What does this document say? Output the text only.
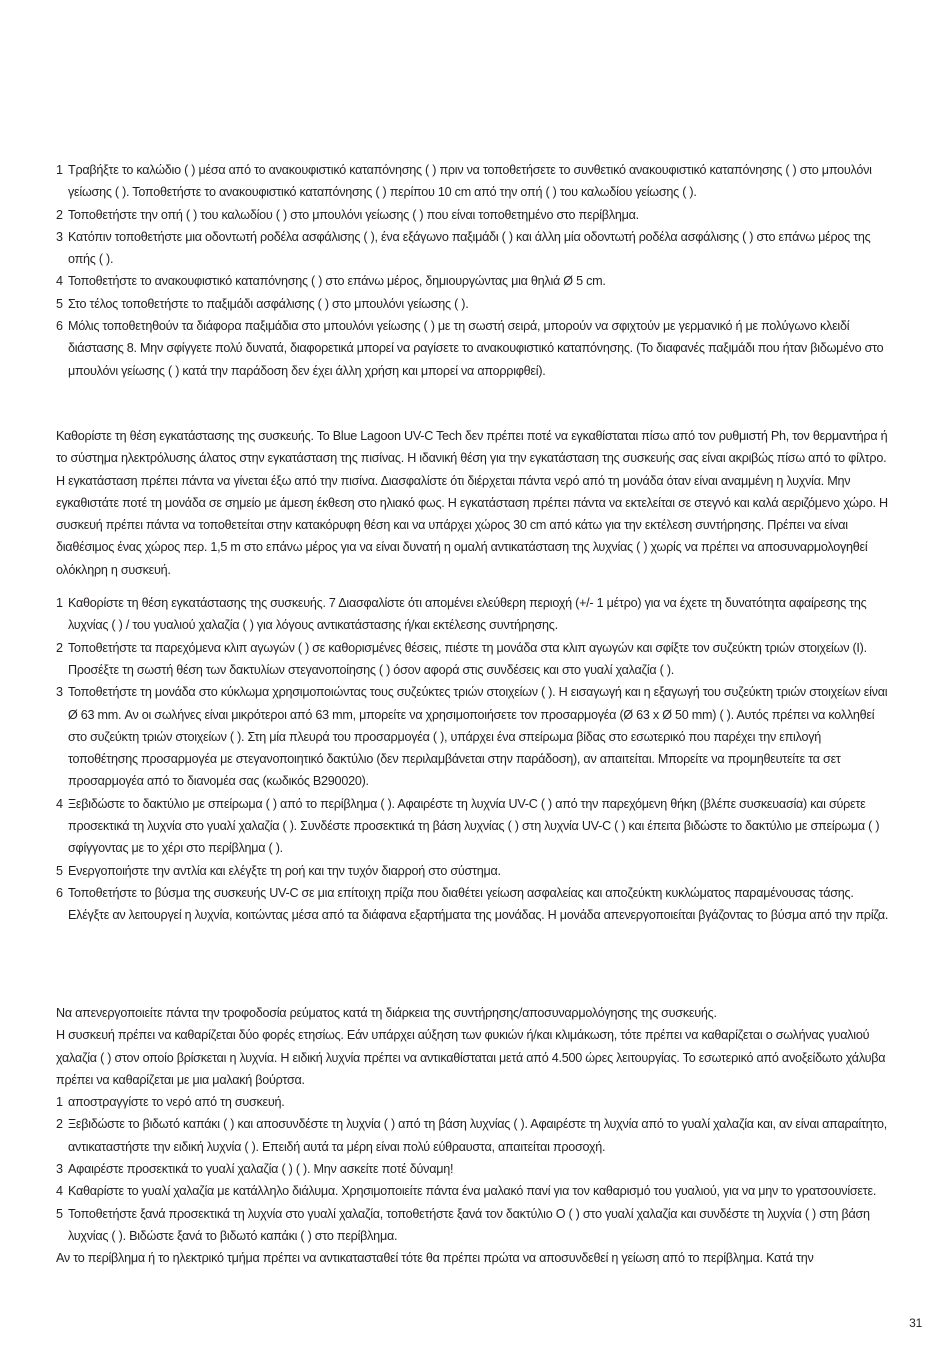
1 Τραβήξτε το καλώδιο ( ) μέσα από το ανακουφιστικό καταπόνησης ( ) πριν να τοποθετήσετε το συνθετικό ανακουφιστικό καταπόνησης ( ) στο μπουλόνι γείωσης ( ). Τοποθετήστε το ανακουφιστικό καταπόνησης ( ) περίπου 10 cm από την οπή ( ) του καλωδίου γείωσης ( ).
2 Τοποθετήστε την οπή ( ) του καλωδίου ( ) στο μπουλόνι γείωσης ( ) που είναι τοποθετημένο στο περίβλημα.
3 Κατόπιν τοποθετήστε μια οδοντωτή ροδέλα ασφάλισης ( ), ένα εξάγωνο παξιμάδι ( ) και άλλη μία οδοντωτή ροδέλα ασφάλισης ( ) στο επάνω μέρος της οπής ( ).
4 Τοποθετήστε το ανακουφιστικό καταπόνησης ( ) στο επάνω μέρος, δημιουργώντας μια θηλιά Ø 5 cm.
5 Στο τέλος τοποθετήστε το παξιμάδι ασφάλισης ( ) στο μπουλόνι γείωσης ( ).
6 Μόλις τοποθετηθούν τα διάφορα παξιμάδια στο μπουλόνι γείωσης ( ) με τη σωστή σειρά, μπορούν να σφιχτούν με γερμανικό ή με πολύγωνο κλειδί διάστασης 8. Μην σφίγγετε πολύ δυνατά, διαφορετικά μπορεί να ραγίσετε το ανακουφιστικό καταπόνησης. (Το διαφανές παξιμάδι που ήταν βιδωμένο στο μπουλόνι γείωσης ( ) κατά την παράδοση δεν έχει άλλη χρήση και μπορεί να απορριφθεί).

Καθορίστε τη θέση εγκατάστασης της συσκευής. Το Blue Lagoon UV-C Tech δεν πρέπει ποτέ να εγκαθίσταται πίσω από τον ρυθμιστή Ph, τον θερμαντήρα ή το σύστημα ηλεκτρόλυσης άλατος στην εγκατάσταση της πισίνας. Η ιδανική θέση για την εγκατάσταση της συσκευής σας είναι ακριβώς πίσω από το φίλτρο. Η εγκατάσταση πρέπει πάντα να γίνεται έξω από την πισίνα. Διασφαλίστε ότι διέρχεται πάντα νερό από τη μονάδα όταν είναι αναμμένη η λυχνία. Μην εγκαθιστάτε ποτέ τη μονάδα σε σημείο με άμεση έκθεση στο ηλιακό φως. Η εγκατάσταση πρέπει πάντα να εκτελείται σε στεγνό και καλά αεριζόμενο χώρο. Η συσκευή πρέπει πάντα να τοποθετείται στην κατακόρυφη θέση και να υπάρχει χώρος 30 cm από κάτω για την εκτέλεση συντήρησης. Πρέπει να είναι διαθέσιμος ένας χώρος περ. 1,5 m στο επάνω μέρος για να είναι δυνατή η ομαλή αντικατάσταση της λυχνίας ( ) χωρίς να πρέπει να αποσυναρμολογηθεί ολόκληρη η συσκευή.

1 Καθορίστε τη θέση εγκατάστασης της συσκευής. 7 Διασφαλίστε ότι απομένει ελεύθερη περιοχή (+/- 1 μέτρο) για να έχετε τη δυνατότητα αφαίρεσης της λυχνίας ( ) / του γυαλιού χαλαζία ( ) για λόγους αντικατάστασης ή/και εκτέλεσης συντήρησης.
2 Τοποθετήστε τα παρεχόμενα κλιπ αγωγών ( ) σε καθορισμένες θέσεις, πιέστε τη μονάδα στα κλιπ αγωγών και σφίξτε τον συζεύκτη τριών στοιχείων (I). Προσέξτε τη σωστή θέση των δακτυλίων στεγανοποίησης ( ) όσον αφορά στις συνδέσεις και στο γυαλί χαλαζία ( ).
3 Τοποθετήστε τη μονάδα στο κύκλωμα χρησιμοποιώντας τους συζεύκτες τριών στοιχείων ( ). Η εισαγωγή και η εξαγωγή του συζεύκτη τριών στοιχείων είναι Ø 63 mm. Αν οι σωλήνες είναι μικρότεροι από 63 mm, μπορείτε να χρησιμοποιήσετε τον προσαρμογέα (Ø 63 x Ø 50 mm) ( ). Αυτός πρέπει να κολληθεί στο συζεύκτη τριών στοιχείων ( ). Στη μία πλευρά του προσαρμογέα ( ), υπάρχει ένα σπείρωμα βίδας στο εσωτερικό που παρέχει την επιλογή τοποθέτησης προσαρμογέα με στεγανοποιητικό δακτύλιο (δεν περιλαμβάνεται στην παράδοση), αν απαιτείται. Μπορείτε να προμηθευτείτε τα σετ προσαρμογέα από το διανομέα σας (κωδικός B290020).
4 Ξεβιδώστε το δακτύλιο με σπείρωμα ( ) από το περίβλημα ( ). Αφαιρέστε τη λυχνία UV-C ( ) από την παρεχόμενη θήκη (βλέπε συσκευασία) και σύρετε προσεκτικά τη λυχνία στο γυαλί χαλαζία ( ). Συνδέστε προσεκτικά τη βάση λυχνίας ( ) στη λυχνία UV-C ( ) και έπειτα βιδώστε το δακτύλιο με σπείρωμα ( ) σφίγγοντας με το χέρι στο περίβλημα ( ).
5 Ενεργοποιήστε την αντλία και ελέγξτε τη ροή και την τυχόν διαρροή στο σύστημα.
6 Τοποθετήστε το βύσμα της συσκευής UV-C σε μια επίτοιχη πρίζα που διαθέτει γείωση ασφαλείας και αποζεύκτη κυκλώματος παραμένουσας τάσης. Ελέγξτε αν λειτουργεί η λυχνία, κοιτώντας μέσα από τα διάφανα εξαρτήματα της μονάδας. Η μονάδα απενεργοποιείται βγάζοντας το βύσμα από την πρίζα.

Να απενεργοποιείτε πάντα την τροφοδοσία ρεύματος κατά τη διάρκεια της συντήρησης/αποσυναρμολόγησης της συσκευής.

Η συσκευή πρέπει να καθαρίζεται δύο φορές ετησίως. Εάν υπάρχει αύξηση των φυκιών ή/και κλιμάκωση, τότε πρέπει να καθαρίζεται ο σωλήνας γυαλιού χαλαζία ( ) στον οποίο βρίσκεται η λυχνία. Η ειδική λυχνία πρέπει να αντικαθίσταται μετά από 4.500 ώρες λειτουργίας. Το εσωτερικό από ανοξείδωτο χάλυβα πρέπει να καθαρίζεται με μια μαλακή βούρτσα.

1 αποστραγγίστε το νερό από τη συσκευή.
2 Ξεβιδώστε το βιδωτό καπάκι ( ) και αποσυνδέστε τη λυχνία ( ) από τη βάση λυχνίας ( ). Αφαιρέστε τη λυχνία από το γυαλί χαλαζία και, αν είναι απαραίτητο, αντικαταστήστε την ειδική λυχνία ( ). Επειδή αυτά τα μέρη είναι πολύ εύθραυστα, απαιτείται προσοχή.
3 Αφαιρέστε προσεκτικά το γυαλί χαλαζία ( ) ( ). Μην ασκείτε ποτέ δύναμη!
4 Καθαρίστε το γυαλί χαλαζία με κατάλληλο διάλυμα. Χρησιμοποιείτε πάντα ένα μαλακό πανί για τον καθαρισμό του γυαλιού, για να μην το γρατσουνίσετε.
5 Τοποθετήστε ξανά προσεκτικά τη λυχνία στο γυαλί χαλαζία, τοποθετήστε ξανά τον δακτύλιο O ( ) στο γυαλί χαλαζία και συνδέστε τη λυχνία ( ) στη βάση λυχνίας ( ). Βιδώστε ξανά το βιδωτό καπάκι ( ) στο περίβλημα.

Αν το περίβλημα ή το ηλεκτρικό τμήμα πρέπει να αντικατασταθεί τότε θα πρέπει πρώτα να αποσυνδεθεί η γείωση από το περίβλημα. Κατά την

31
